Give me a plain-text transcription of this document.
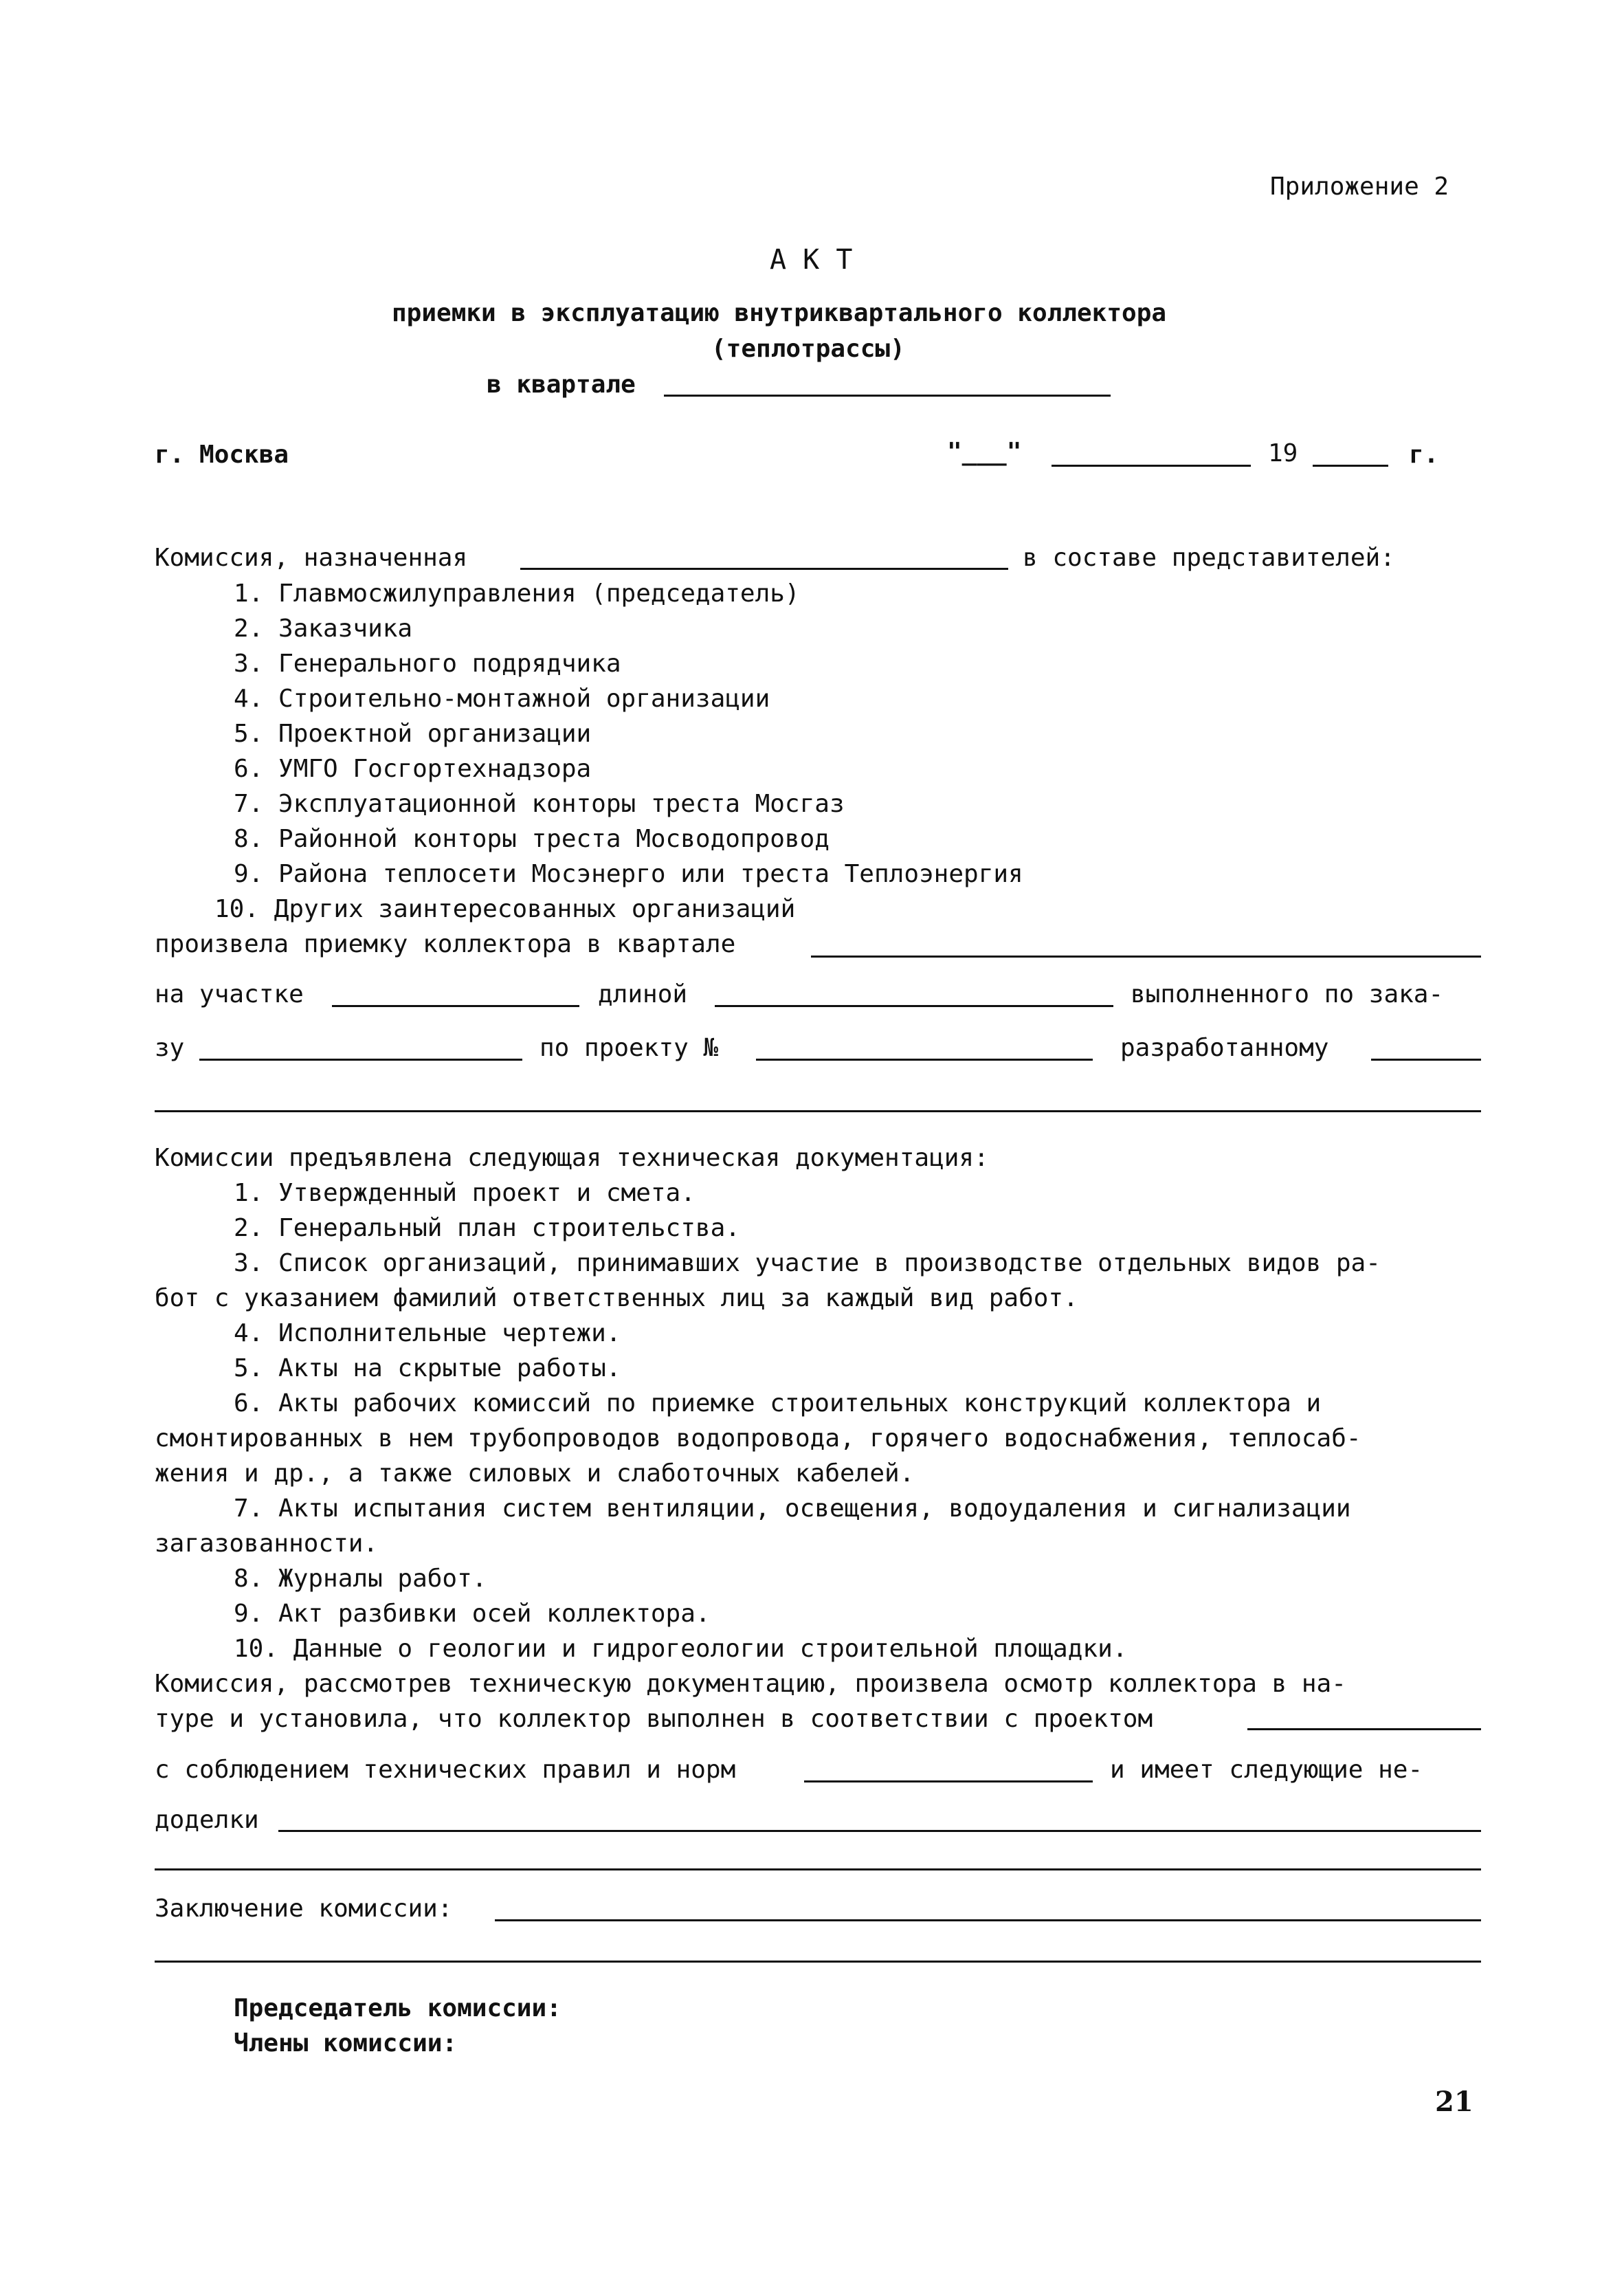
Приложение 2
А К Т
приемки в эксплуатацию внутриквартального коллектора
(теплотрассы)
в квартале
г. Москва	"___"	19	г.
Комиссия, назначенная	в составе представителей:
1. Главмосжилуправления (председатель)
2. Заказчика
3. Генерального подрядчика
4. Строительно-монтажной организации
5. Проектной организации
6. УМГО Госгортехнадзора
7. Эксплуатационной конторы треста Мосгаз
8. Районной конторы треста Мосводопровод
9. Района теплосети Мосэнерго или треста Теплоэнергия
10. Других заинтересованных организаций
произвела приемку коллектора в квартале
на участке	длиной	выполненного по зака-
зу	по проекту №	разработанному
Комиссии предъявлена следующая техническая документация:
1. Утвержденный проект и смета.
2. Генеральный план строительства.
3. Список организаций, принимавших участие в производстве отдельных видов ра-
бот с указанием фамилий ответственных лиц за каждый вид работ.
4. Исполнительные чертежи.
5. Акты на скрытые работы.
6. Акты рабочих комиссий по приемке строительных конструкций коллектора и
смонтированных в нем трубопроводов водопровода, горячего водоснабжения, теплосаб-
жения и др., а также силовых и слаботочных кабелей.
7. Акты испытания систем вентиляции, освещения, водоудаления и сигнализации
загазованности.
8. Журналы работ.
9. Акт разбивки осей коллектора.
10. Данные о геологии и гидрогеологии строительной площадки.
Комиссия, рассмотрев техническую документацию, произвела осмотр коллектора в на-
туре и установила, что коллектор выполнен в соответствии с проектом
с соблюдением технических правил и норм	и имеет следующие не-
доделки
Заключение комиссии:
Председатель комиссии:
Члены комиссии:
21
